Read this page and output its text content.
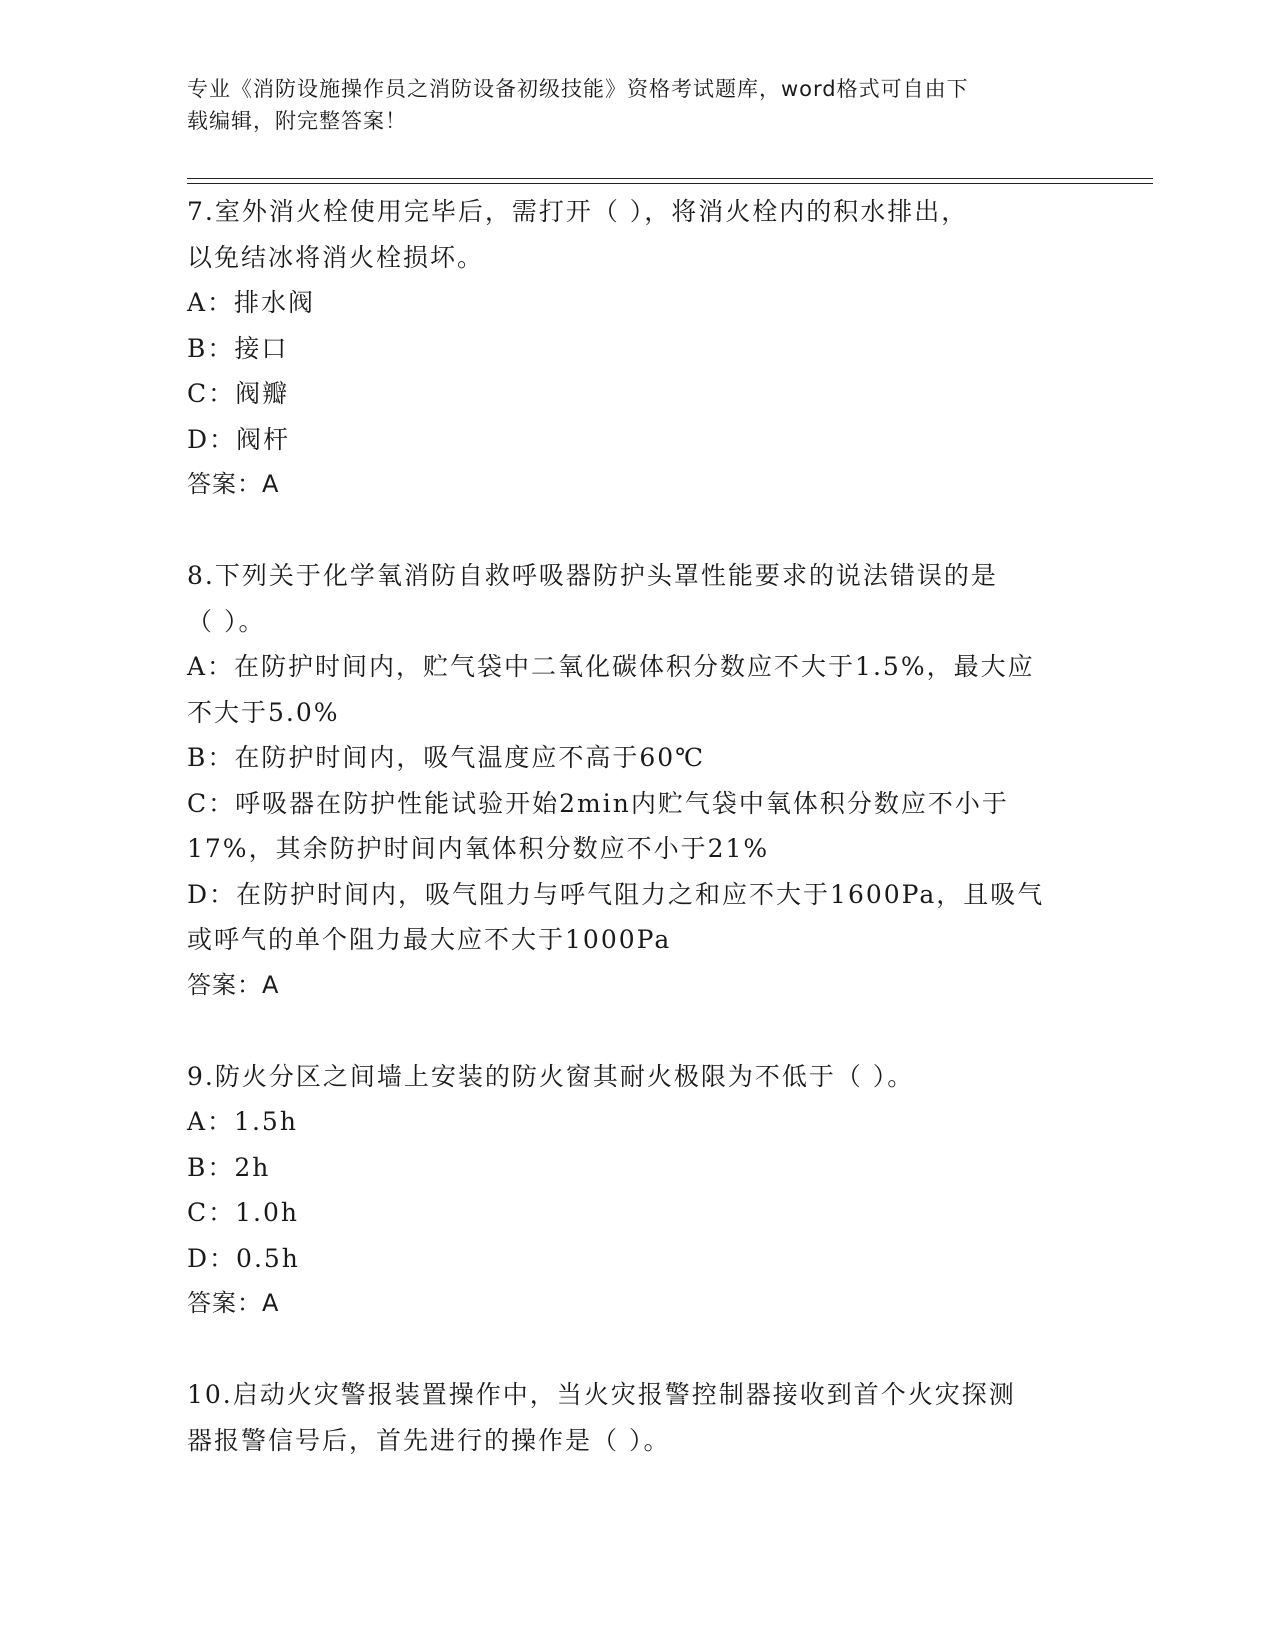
专业《消防设施操作员之消防设备初级技能》资格考试题库，word格式可自由下
载编辑，附完整答案！
7.室外消火栓使用完毕后，需打开（ ），将消火栓内的积水排出，
以免结冰将消火栓损坏。
A：排水阀
B：接口
C：阀瓣
D：阀杆
答案：A
8.下列关于化学氧消防自救呼吸器防护头罩性能要求的说法错误的是
（ ）。
A：在防护时间内，贮气袋中二氧化碳体积分数应不大于1.5%，最大应
不大于5.0%
B：在防护时间内，吸气温度应不高于60℃
C：呼吸器在防护性能试验开始2min内贮气袋中氧体积分数应不小于
17%，其余防护时间内氧体积分数应不小于21%
D：在防护时间内，吸气阻力与呼气阻力之和应不大于1600Pa，且吸气
或呼气的单个阻力最大应不大于1000Pa
答案：A
9.防火分区之间墙上安装的防火窗其耐火极限为不低于（ ）。
A：1.5h
B：2h
C：1.0h
D：0.5h
答案：A
10.启动火灾警报装置操作中，当火灾报警控制器接收到首个火灾探测
器报警信号后，首先进行的操作是（ ）。
